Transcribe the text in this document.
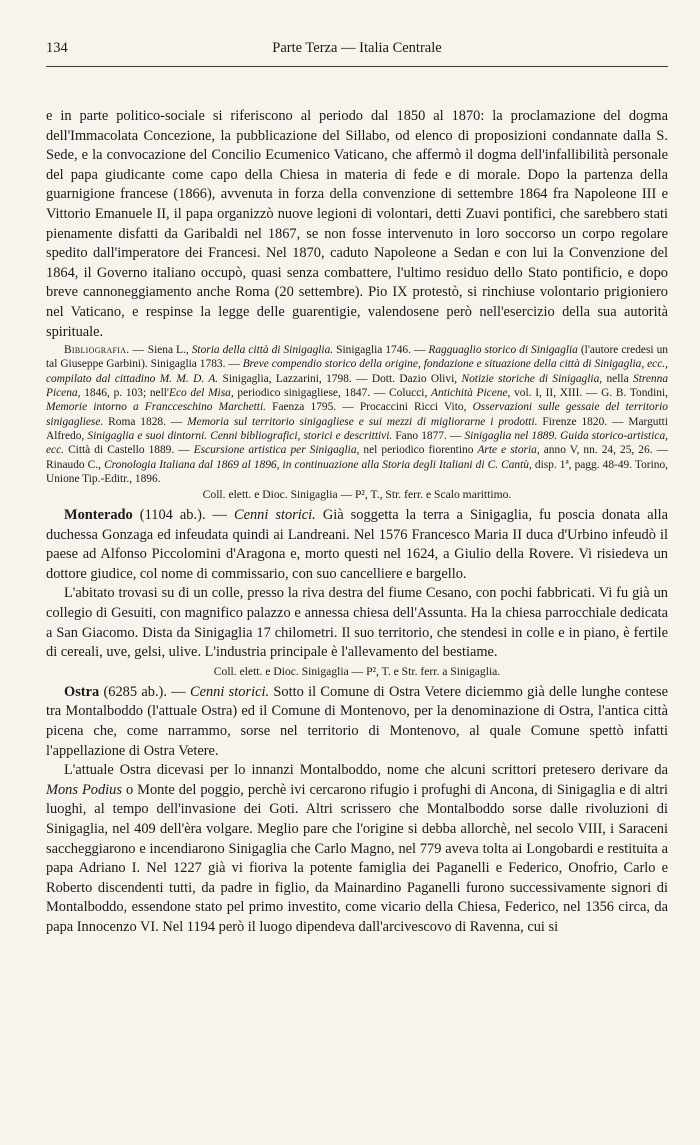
134	Parte Terza — Italia Centrale

e in parte politico-sociale si riferiscono al periodo dal 1850 al 1870: la proclamazione del dogma dell'Immacolata Concezione, la pubblicazione del Sillabo, od elenco di proposizioni condannate dalla S. Sede, e la convocazione del Concilio Ecumenico Vaticano, che affermò il dogma dell'infallibilità personale del papa giudicante come capo della Chiesa in materia di fede e di morale. Dopo la partenza della guarnigione francese (1866), avvenuta in forza della convenzione di settembre 1864 fra Napoleone III e Vittorio Emanuele II, il papa organizzò nuove legioni di volontari, detti Zuavi pontifici, che sarebbero stati pienamente disfatti da Garibaldi nel 1867, se non fosse intervenuto in loro soccorso un corpo regolare spedito dall'imperatore dei Francesi. Nel 1870, caduto Napoleone a Sedan e con lui la Convenzione del 1864, il Governo italiano occupò, quasi senza combattere, l'ultimo residuo dello Stato pontificio, e dopo breve cannoneggiamento anche Roma (20 settembre). Pio IX protestò, si rinchiuse volontario prigioniero nel Vaticano, e respinse la legge delle guarentigie, valendosene però nell'esercizio della sua autorità spirituale.

Bibliografia. — Siena L., Storia della città di Sinigaglia. Sinigaglia 1746. — Ragguaglio storico di Sinigaglia (l'autore credesi un tal Giuseppe Garbini). Sinigaglia 1783. — Breve compendio storico della origine, fondazione e situazione della città di Sinigaglia, ecc., compilato dal cittadino M. M. D. A. Sinigaglia, Lazzarini, 1798. — Dott. Dazio Olivi, Notizie storiche di Sinigaglia, nella Strenna Picena, 1846, p. 103; nell'Eco del Misa, periodico sinigagliese, 1847. — Colucci, Antichità Picene, vol. I, II, XIII. — G. B. Tondini, Memorie intorno a Francceschino Marchetti. Faenza 1795. — Procaccini Ricci Vito, Osservazioni sulle gessaie del territorio sinigagliese. Roma 1828. — Memoria sul territorio sinigagliese e sui mezzi di migliorarne i prodotti. Firenze 1820. — Margutti Alfredo, Sinigaglia e suoi dintorni. Cenni bibliografici, storici e descrittivi. Fano 1877. — Sinigaglia nel 1889. Guida storico-artistica, ecc. Città di Castello 1889. — Escursione artistica per Sinigaglia, nel periodico fiorentino Arte e storia, anno V, nn. 24, 25, 26. — Rinaudo C., Cronologia Italiana dal 1869 al 1896, in continuazione alla Storia degli Italiani di C. Cantù, disp. 1ª, pagg. 48-49. Torino, Unione Tip.-Editr., 1896.

Coll. elett. e Dioc. Sinigaglia — P², T., Str. ferr. e Scalo marittimo.

Monterado (1104 ab.). — Cenni storici. Già soggetta la terra a Sinigaglia, fu poscia donata alla duchessa Gonzaga ed infeudata quindi ai Landreani. Nel 1576 Francesco Maria II duca d'Urbino infeudò il paese ad Alfonso Piccolomini d'Aragona e, morto questi nel 1624, a Giulio della Rovere. Vi risiedeva un dottore giudice, col nome di commissario, con suo cancelliere e bargello.

L'abitato trovasi su di un colle, presso la riva destra del fiume Cesano, con pochi fabbricati. Vi fu già un collegio di Gesuiti, con magnifico palazzo e annessa chiesa dell'Assunta. Ha la chiesa parrocchiale dedicata a San Giacomo. Dista da Sinigaglia 17 chilometri. Il suo territorio, che stendesi in colle e in piano, è fertile di cereali, uve, gelsi, ulive. L'industria principale è l'allevamento del bestiame.

Coll. elett. e Dioc. Sinigaglia — P², T. e Str. ferr. a Sinigaglia.

Ostra (6285 ab.). — Cenni storici. Sotto il Comune di Ostra Vetere diciemmo già delle lunghe contese tra Montalboddo (l'attuale Ostra) ed il Comune di Montenovo, per la denominazione di Ostra, l'antica città picena che, come narrammo, sorse nel territorio di Montenovo, al quale Comune spettò infatti l'appellazione di Ostra Vetere.

L'attuale Ostra dicevasi per lo innanzi Montalboddo, nome che alcuni scrittori pretesero derivare da Mons Podius o Monte del poggio, perchè ivi cercarono rifugio i profughi di Ancona, di Sinigaglia e di altri luoghi, al tempo dell'invasione dei Goti. Altri scrissero che Montalboddo sorse dalle rivoluzioni di Sinigaglia, nel 409 dell'èra volgare. Meglio pare che l'origine si debba allorchè, nel secolo VIII, i Saraceni saccheggiarono e incendiarono Sinigaglia che Carlo Magno, nel 779 aveva tolta ai Longobardi e restituita a papa Adriano I. Nel 1227 già vi fioriva la potente famiglia dei Paganelli e Federico, Onofrio, Carlo e Roberto discendenti tutti, da padre in figlio, da Mainardino Paganelli furono successivamente signori di Montalboddo, essendone stato pel primo investito, come vicario della Chiesa, Federico, nel 1356 circa, da papa Innocenzo VI. Nel 1194 però il luogo dipendeva dall'arcivescovo di Ravenna, cui si
